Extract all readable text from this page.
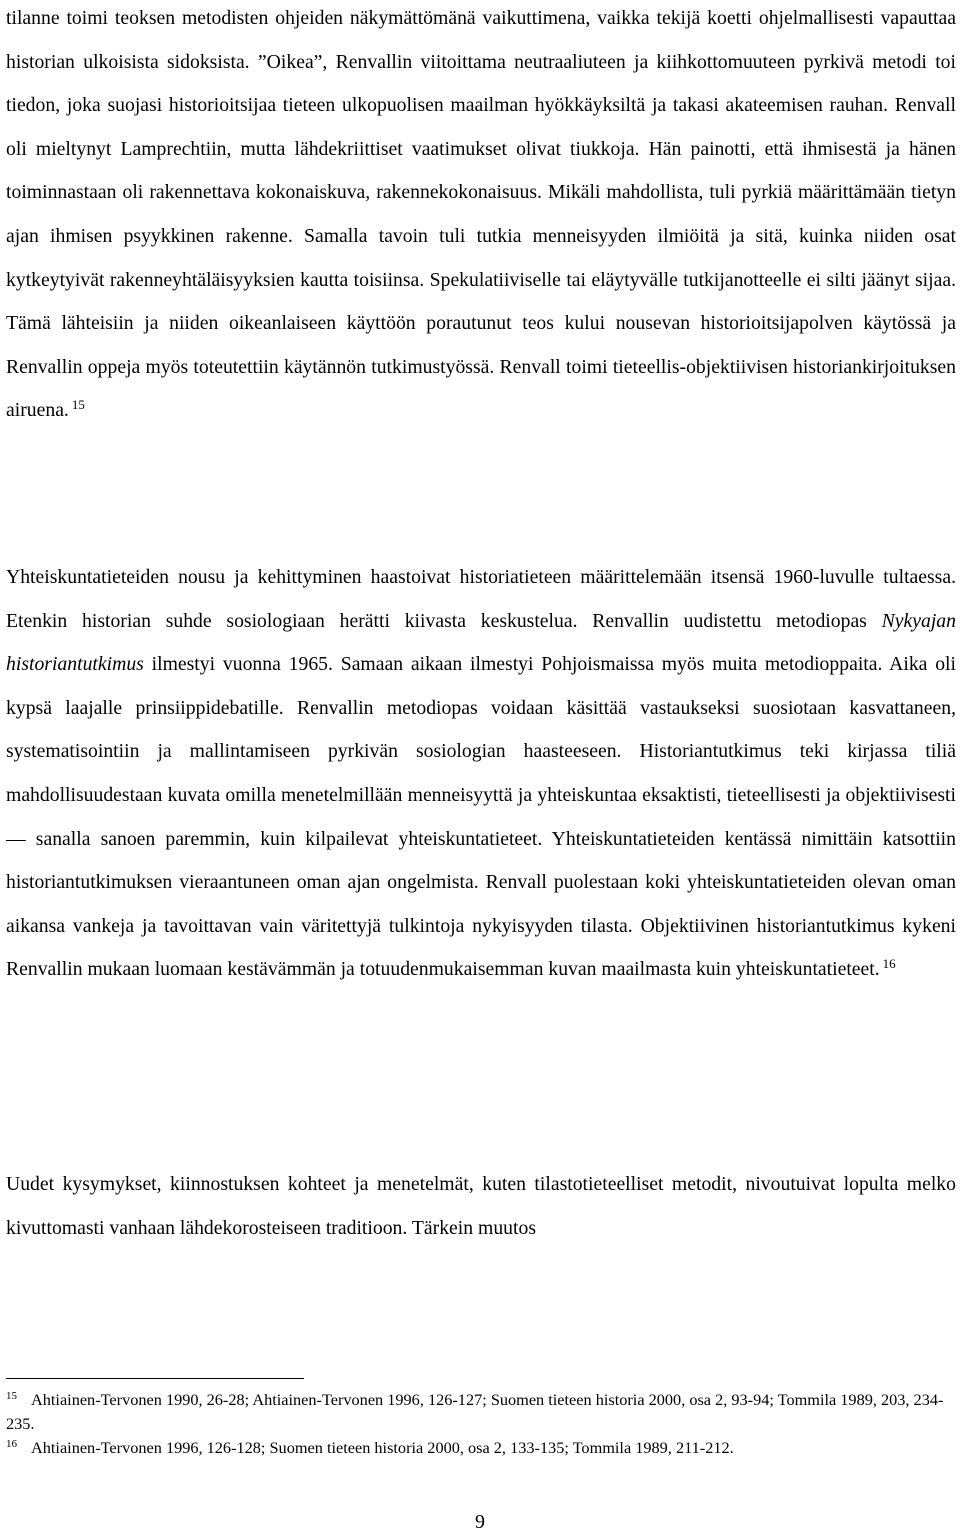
tilanne toimi teoksen metodisten ohjeiden näkymättömänä vaikuttimena, vaikka tekijä koetti ohjelmallisesti vapauttaa historian ulkoisista sidoksista. ”Oikea”, Renvallin viitoittama neutraaliuteen ja kiihkottomuuteen pyrkivä metodi toi tiedon, joka suojasi historioitsijaa tieteen ulkopuolisen maailman hyökkäyksiltä ja takasi akateemisen rauhan. Renvall oli mieltynyt Lamprechtiin, mutta lähdekriittiset vaatimukset olivat tiukkoja. Hän painotti, että ihmisestä ja hänen toiminnastaan oli rakennettava kokonaiskuva, rakennekokonaisuus. Mikäli mahdollista, tuli pyrkiä määrittämään tietyn ajan ihmisen psyykkinen rakenne. Samalla tavoin tuli tutkia menneisyyden ilmiöitä ja sitä, kuinka niiden osat kytkeytyivät rakenneyhtäläisyyksien kautta toisiinsa. Spekulatiiviselle tai eläytyvälle tutkijanotteelle ei silti jäänyt sijaa. Tämä lähteisiin ja niiden oikeanlaiseen käyttöön porautunut teos kului nousevan historioitsijapolven käytössä ja Renvallin oppeja myös toteutettiin käytännön tutkimustyössä. Renvall toimi tieteellis-objektiivisen historiankirjoituksen airuena. $^{15}$

Yhteiskuntatieteiden nousu ja kehittyminen haastoivat historiatieteen määrittelemään itsensä 1960-luvulle tultaessa. Etenkin historian suhde sosiologiaan herätti kiivasta keskustelua. Renvallin uudistettu metodiopas Nykyajan historiantutkimus ilmestyi vuonna 1965. Samaan aikaan ilmestyi Pohjoismaissa myös muita metodioppaita. Aika oli kypsä laajalle prinsiippidebatille. Renvallin metodiopas voidaan käsittää vastaukseksi suosiotaan kasvattaneen, systematisointiin ja mallintamiseen pyrkivän sosiologian haasteeseen. Historiantutkimus teki kirjassa tiliä mahdollisuudestaan kuvata omilla menetelmillään menneisyyttä ja yhteiskuntaa eksaktisti, tieteellisesti ja objektiivisesti — sanalla sanoen paremmin, kuin kilpailevat yhteiskuntatieteet. Yhteiskuntatieteiden kentässä nimittäin katsottiin historiantutkimuksen vieraantuneen oman ajan ongelmista. Renvall puolestaan koki yhteiskuntatieteiden olevan oman aikansa vankeja ja tavoittavan vain väritettyjä tulkintoja nykyisyyden tilasta. Objektiivinen historiantutkimus kykeni Renvallin mukaan luomaan kestävämmän ja totuudenmukaisemman kuvan maailmasta kuin yhteiskuntatieteet. $^{16}$

Uudet kysymykset, kiinnostuksen kohteet ja menetelmät, kuten tilastotieteelliset metodit, nivoutuivat lopulta melko kivuttomasti vanhaan lähdekorosteiseen traditioon. Tärkein muutos

$^{15}$ Ahtiainen-Tervonen 1990, 26-28; Ahtiainen-Tervonen 1996, 126-127; Suomen tieteen historia 2000, osa 2, 93-94; Tommila 1989, 203, 234-235.

$^{16}$ Ahtiainen-Tervonen 1996, 126-128; Suomen tieteen historia 2000, osa 2, 133-135; Tommila 1989, 211-212.

9
